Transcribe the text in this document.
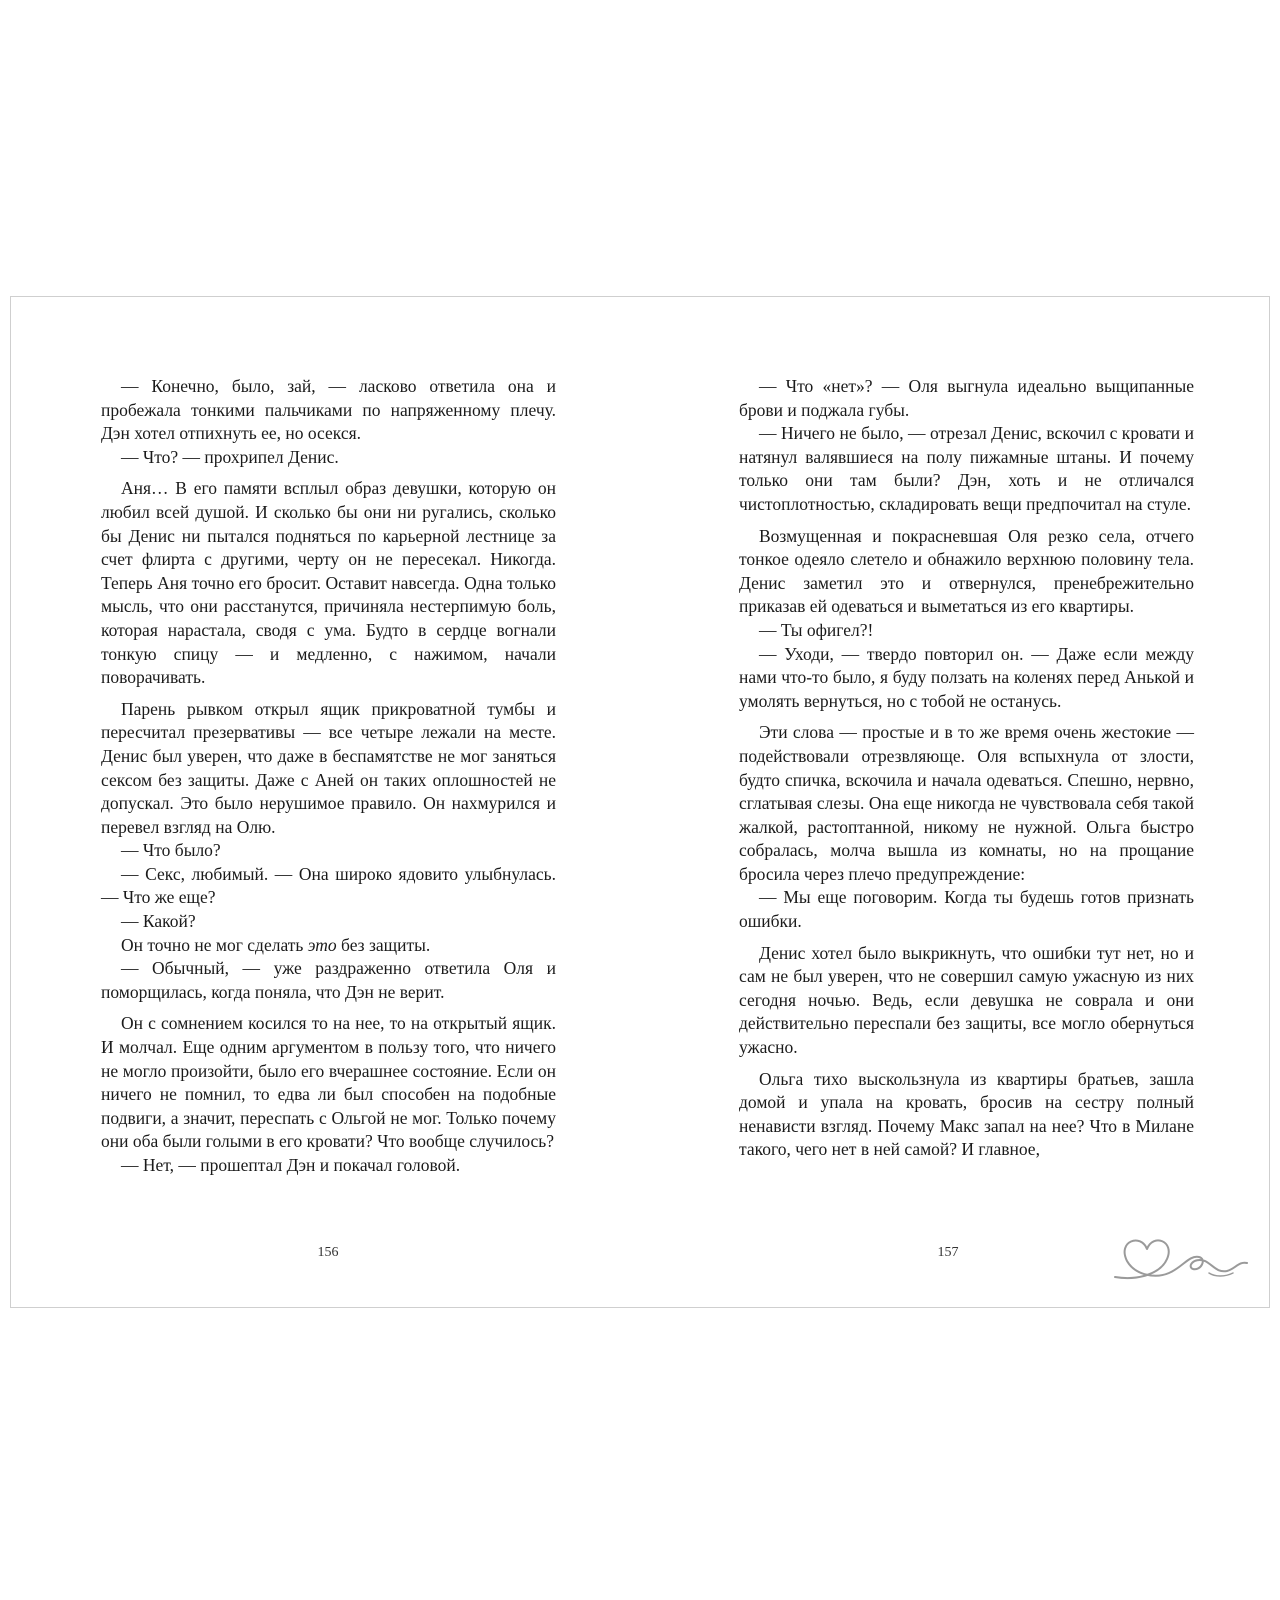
— Конечно, было, зай, — ласково ответила она и пробежала тонкими пальчиками по напряженному плечу. Дэн хотел отпихнуть ее, но осекся.

— Что? — прохрипел Денис.

Аня… В его памяти всплыл образ девушки, которую он любил всей душой. И сколько бы они ни ругались, сколько бы Денис ни пытался подняться по карьерной лестнице за счет флирта с другими, черту он не пересекал. Никогда. Теперь Аня точно его бросит. Оставит навсегда. Одна только мысль, что они расстанутся, причиняла нестерпимую боль, которая нарастала, сводя с ума. Будто в сердце вогнали тонкую спицу — и медленно, с нажимом, начали поворачивать.

Парень рывком открыл ящик прикроватной тумбы и пересчитал презервативы — все четыре лежали на месте. Денис был уверен, что даже в беспамятстве не мог заняться сексом без защиты. Даже с Аней он таких оплошностей не допускал. Это было нерушимое правило. Он нахмурился и перевел взгляд на Олю.

— Что было?

— Секс, любимый. — Она широко ядовито улыбнулась. — Что же еще?

— Какой?

Он точно не мог сделать это без защиты.

— Обычный, — уже раздраженно ответила Оля и поморщилась, когда поняла, что Дэн не верит.

Он с сомнением косился то на нее, то на открытый ящик. И молчал. Еще одним аргументом в пользу того, что ничего не могло произойти, было его вчерашнее состояние. Если он ничего не помнил, то едва ли был способен на подобные подвиги, а значит, переспать с Ольгой не мог. Только почему они оба были голыми в его кровати? Что вообще случилось?

— Нет, — прошептал Дэн и покачал головой.

156

— Что «нет»? — Оля выгнула идеально выщипанные брови и поджала губы.

— Ничего не было, — отрезал Денис, вскочил с кровати и натянул валявшиеся на полу пижамные штаны. И почему только они там были? Дэн, хоть и не отличался чистоплотностью, складировать вещи предпочитал на стуле.

Возмущенная и покрасневшая Оля резко села, отчего тонкое одеяло слетело и обнажило верхнюю половину тела. Денис заметил это и отвернулся, пренебрежительно приказав ей одеваться и выметаться из его квартиры.

— Ты офигел?!

— Уходи, — твердо повторил он. — Даже если между нами что-то было, я буду ползать на коленях перед Анькой и умолять вернуться, но с тобой не останусь.

Эти слова — простые и в то же время очень жестокие — подействовали отрезвляюще. Оля вспыхнула от злости, будто спичка, вскочила и начала одеваться. Спешно, нервно, сглатывая слезы. Она еще никогда не чувствовала себя такой жалкой, растоптанной, никому не нужной. Ольга быстро собралась, молча вышла из комнаты, но на прощание бросила через плечо предупреждение:

— Мы еще поговорим. Когда ты будешь готов признать ошибки.

Денис хотел было выкрикнуть, что ошибки тут нет, но и сам не был уверен, что не совершил самую ужасную из них сегодня ночью. Ведь, если девушка не соврала и они действительно переспали без защиты, все могло обернуться ужасно.

Ольга тихо выскользнула из квартиры братьев, зашла домой и упала на кровать, бросив на сестру полный ненависти взгляд. Почему Макс запал на нее? Что в Милане такого, чего нет в ней самой? И главное,

157
